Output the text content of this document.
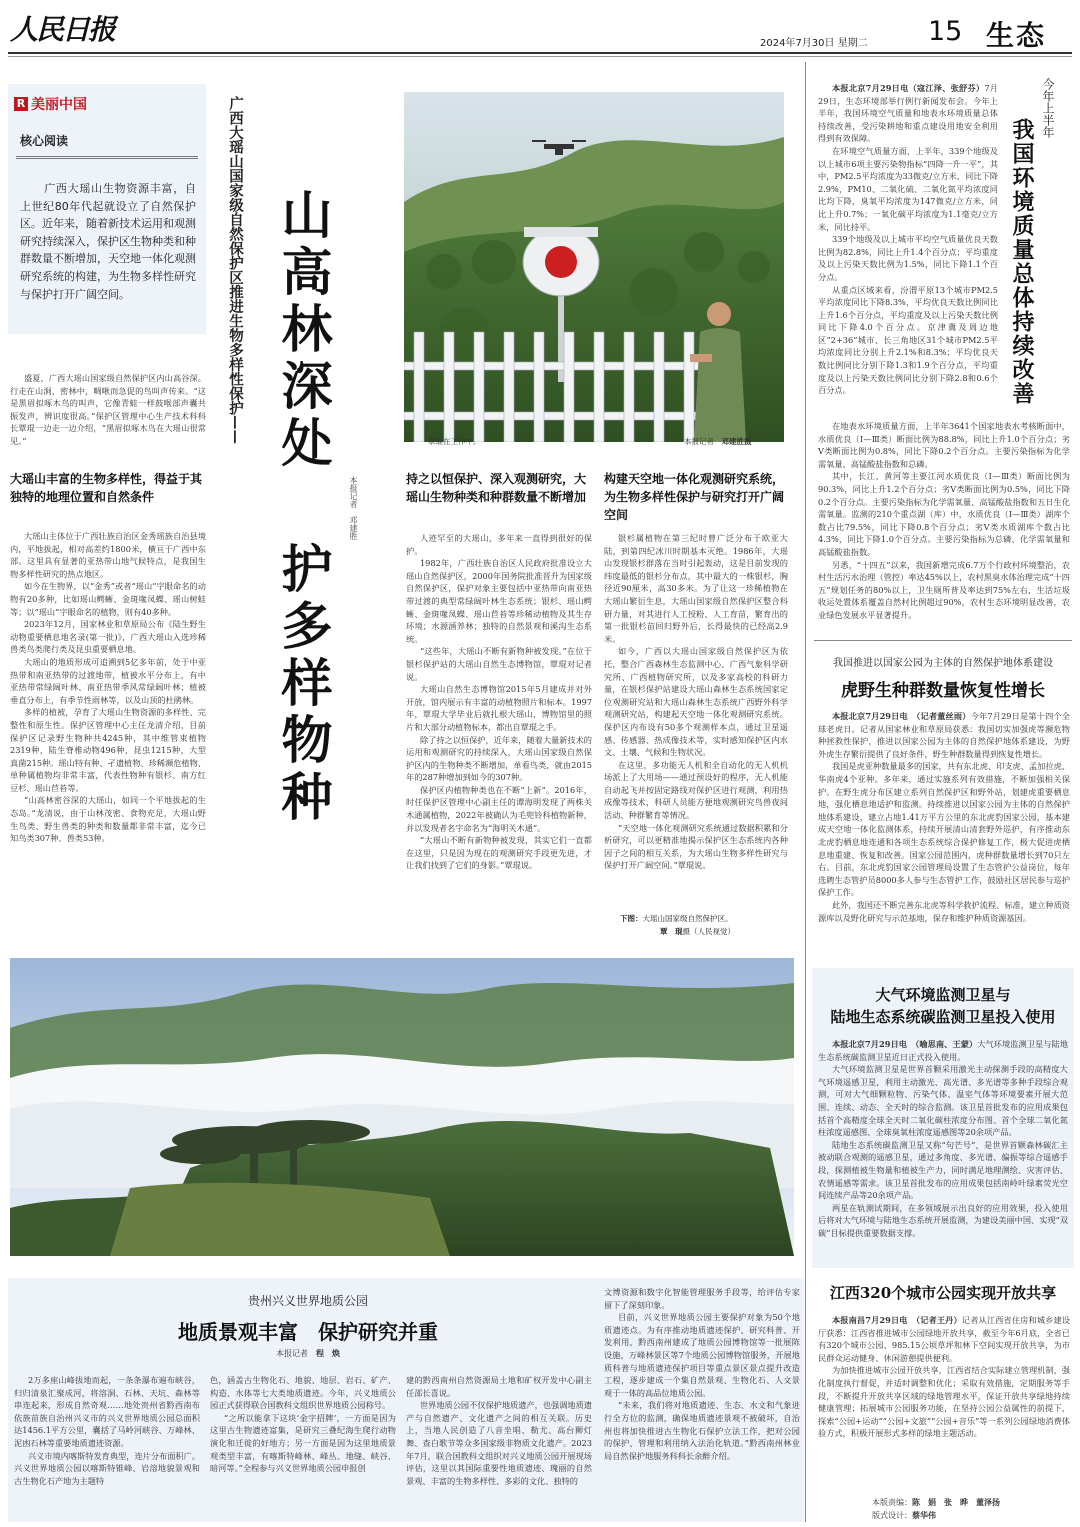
人民日报	2024年7月30日 星期二 15 生态
R 美丽中国
核心阅读
广西大瑶山生物资源丰富，自上世纪80年代起就设立了自然保护区。近年来，随着新技术运用和观测研究持续深入，保护区生物种类和种群数量不断增加，天空地一体化观测研究系统的构建，为生物多样性研究与保护打开广阔空间。

盛夏，广西大瑶山国家级自然保护区内山高谷深。行走在山涧、密林中，啁啾而急促的鸟叫声传来。“这是黑眉拟啄木鸟的叫声，它像青蛙一样鼓喉部声囊共振发声，辨识度很高。”保护区管理中心生产技术科科长覃琨一边走一边介绍，“黑眉拟啄木鸟在大瑶山很常见。”

大瑶山丰富的生物多样性，得益于其独特的地理位置和自然条件

大瑶山主体位于广西壮族自治区金秀瑶族自治县境内，平地拔起，相对高差约1800米，横亘于广西中东部。这里具有显著的亚热带山地气候特点，是我国生物多样性研究的热点地区。

如今在生物界，以“金秀”或者“瑶山”字眼命名的动物有20多种，比如瑶山鳄蜥、金斑喙凤蝶、瑶山树蛙等；以“瑶山”字眼命名的植物，则有40多种。

2023年12月，国家林业和草原局公布《陆生野生动物重要栖息地名录(第一批)》，广西大瑶山入选珍稀兽类鸟类爬行类及昆虫重要栖息地。

大瑶山的地质形成可追溯到5亿多年前，处于中亚热带和南亚热带的过渡地带，植被水平分布上，有中亚热带常绿阔叶林、南亚热带季风常绿阔叶林；植被垂直分布上，有季节性雨林等，以及山顶的杜鹃林。

多样的植被，孕育了大瑶山生物资源的多样性、完整性和原生性。保护区管理中心主任龙清介绍，目前保护区记录野生物种共4245种，其中维管束植物2319种，陆生脊椎动物496种，昆虫1215种，大型真菌215种。瑶山特有种、孑遗植物、珍稀濒危植物、单种属植物均非常丰富，代表性物种有银杉、南方红豆杉、瑶山苣苔等。

“山高林密谷深的大瑶山，如同一个平地拔起的生态岛。”龙清说，由于山林茂密、食物充足，大瑶山野生鸟类、野生兽类的种类和数量都非常丰富，迄今已知鸟类307种、兽类53种。

广西大瑶山国家级自然保护区推进生物多样性保护—— 山高林深处
护多样物种
本报记者　邓建胜
覃琨在工作中。	本报记者　 邓建胜摄
持之以恒保护、深入观测研究，大瑶山生物种类和种群数量不断增加

人迹罕至的大瑶山，多年来一直得到很好的保护。

1982年，广西壮族自治区人民政府批准设立大瑶山自然保护区，2000年国务院批准晋升为国家级自然保护区，保护对象主要包括中亚热带向南亚热带过渡的典型常绿阔叶林生态系统；银杉、瑶山鳄蜥、金斑喙凤蝶、瑶山苣苔等珍稀动植物及其生存环境；水源涵养林；独特的自然景观和溪沟生态系统。

“这些年，大瑶山不断有新物种被发现。”在位于银杉保护站的大瑶山自然生态博物馆，覃琨对记者说。

大瑶山自然生态博物馆2015年5月建成并对外开放，馆内展示有丰富的动植物照片和标本。1997年，覃琨大学毕业后就扎根大瑶山，博物馆里的照片和大部分动植物标本，都出自覃琨之手。

除了持之以恒保护，近年来，随着大量新技术的运用和观测研究的持续深入，大瑶山国家级自然保护区内的生物种类不断增加，单看鸟类，就由2015年的287种增加到如今的307种。

保护区内植物种类也在不断“上新”。2016年，时任保护区管理中心副主任的谭海明发现了两株关木通属植物，2022年被确认为毛兜铃科植物新种，并以发现者名字命名为“海明关木通”。

“大瑶山不断有新物种被发现，其实它们一直都在这里，只是因为现在的观测研究手段更先进，才让我们找到了它们的身影。”覃琨说。

构建天空地一体化观测研究系统，为生物多样性保护与研究打开广阔空间

银杉属植物在第三纪时曾广泛分布于欧亚大陆，到第四纪冰川时期基本灭绝。1986年，大瑶山发现银杉群落在当时引起轰动，这是目前发现的纬度最低的银杉分布点，其中最大的一株银杉，胸径近90厘米，高30多米。为了让这一珍稀植物在大瑶山繁衍生息，大瑶山国家级自然保护区整合科研力量，对其进行人工授粉、人工育苗，繁育出的第一批银杉苗回归野外后，长得最快的已经高2.9米。

如今，广西以大瑶山国家级自然保护区为依托，整合广西森林生态监测中心、广西气象科学研究所、广西植物研究所，以及多家高校的科研力量，在银杉保护站建设大瑶山森林生态系统国家定位观测研究站和大瑶山森林生态系统广西野外科学观测研究站，构建起天空地一体化观测研究系统。保护区内布设有50多个观测样本点，通过卫星遥感、传感器、热成像技术等，实时感知保护区内水文、土壤、气候和生物状况。

在这里，多功能无人机和全自动化的无人机机场派上了大用场——通过预设好的程序，无人机能自动起飞并按固定路线对保护区进行观测，利用热成像等技术，科研人员能方便地观测研究鸟兽夜间活动、种群繁育等情况。

“天空地一体化观测研究系统通过数据积累和分析研究，可以更精准地揭示保护区生态系统内各种因子之间的相互关系，为大瑶山生物多样性研究与保护打开广阔空间。”覃琨说。

下图：大瑶山国家级自然保护区。
覃　琨摄（人民视觉）
贵州兴义世界地质公园
地质景观丰富　保护研究并重
本报记者　 程　焕

2万多座山峰拔地而起，一条条瀑布遍布峡谷，归归清泉汇聚成河，将溶洞、石林、天坑、森林等串连起来，形成自然奇观……地处贵州省黔西南布依族苗族自治州兴义市的兴义世界地质公园总面积达1456.1平方公里，囊括了马岭河峡谷、万峰林、泥凼石林等重要地质遗迹资源。

兴义市境内喀斯特发育典型，连片分布面积广。兴义世界地质公园以喀斯特锥峰、岩溶地貌景观和古生物化石产地为主题特

色，涵盖古生物化石、地貌、地层、岩石、矿产、构造、水体等七大类地质遗迹。今年，兴义地质公园正式获得联合国教科文组织世界地质公园称号。

“之所以能拿下这块‘金字招牌’，一方面是因为这里古生物遗迹富集，是研究三叠纪海生爬行动物演化和迁徙的好地方；另一方面是因为这里地质景观类型丰富，有喀斯特峰林、峰丛、地缝、峡谷、暗河等。”全程参与兴义世界地质公园申报创

建的黔西南州自然资源局土地和矿权开发中心副主任邵长喜说。

世界地质公园不仅保护地质遗产，也强调地质遗产与自然遗产、文化遗产之间的相互关联。历史上，当地人民创造了八音坐唱、勒尤、高台狮灯舞、查白歌节等众多国家级非物质文化遗产。2023年7月，联合国教科文组织对兴义地质公园开展现场评估，这里以其国际重要性地质遗迹、瑰丽的自然景观、丰富的生物多样性、多彩的文化、独特的

文博资源和数字化智能管理服务手段等，给评估专家留下了深刻印象。

目前，兴义世界地质公园主要保护对象为50个地质遗迹点。为有序推动地质遗迹保护、研究科普、开发利用，黔西南州建成了地质公园博物馆等一批展陈设施，万峰林景区等7个地质公园博物馆服务，开展地质科普与地质遗迹保护项目等重点景区景点提升改造工程，逐步建成一个集自然景观、生物化石、人文景观于一体的高品位地质公园。

“未来，我们将对地质遗迹、生态、水文和气象进行全方位的监测，确保地质遗迹景观不被破坏，自治州也将加快推进古生物化石保护立法工作，把对公园的保护、管理和利用纳入法治化轨道。”黔西南州林业局自然保护地服务科科长余醉介绍。

今年上半年
我国环境质量总体持续改善

本报北京7月29日电（寇江泽、张舒芬）7月29日，生态环境部举行例行新闻发布会。今年上半年，我国环境空气质量和地表水环境质量总体持续改善，受污染耕地和重点建设用地安全利用得到有效保障。

在环境空气质量方面，上半年，339个地级及以上城市6项主要污染物指标“四降一升一平”，其中，PM2.5平均浓度为33微克/立方米，同比下降2.9%，PM10、二氧化硫、二氧化氮平均浓度同比均下降，臭氧平均浓度为147微克/立方米，同比上升0.7%；一氧化碳平均浓度为1.1毫克/立方米，同比持平。

339个地级及以上城市平均空气质量优良天数比例为82.8%，同比上升1.4个百分点；平均重度及以上污染天数比例为1.5%，同比下降1.1个百分点。

从重点区域来看，汾渭平原13个城市PM2.5平均浓度同比下降8.3%，平均优良天数比例同比上升1.6个百分点，平均重度及以上污染天数比例同比下降4.0个百分点。京津冀及周边地区“2+36”城市、长三角地区31个城市PM2.5平均浓度同比分别上升2.1%和8.3%；平均优良天数比例同比分别下降1.3和1.9个百分点，平均重度及以上污染天数比例同比分别下降2.8和0.6个百分点。

在地表水环境质量方面，上半年3641个国家地表水考核断面中，水质优良（Ⅰ—Ⅲ类）断面比例为88.8%，同比上升1.0个百分点；劣Ⅴ类断面比例为0.8%，同比下降0.2个百分点。主要污染指标为化学需氧量、高锰酸盐指数和总磷。

其中，长江、黄河等主要江河水质优良（Ⅰ—Ⅲ类）断面比例为90.3%，同比上升1.2个百分点；劣Ⅴ类断面比例为0.5%，同比下降0.2个百分点。主要污染指标为化学需氧量、高锰酸盐指数和五日生化需氧量。监测的210个重点湖（库）中，水质优良（Ⅰ—Ⅲ类）湖库个数占比79.5%，同比下降0.8个百分点；劣Ⅴ类水质湖库个数占比4.3%，同比下降1.0个百分点。主要污染指标为总磷、化学需氧量和高锰酸盐指数。

另悉，“十四五”以来，我国新增完成6.7万个行政村环境整治，农村生活污水治理（管控）率达45%以上，农村黑臭水体治理完成“十四五”规划任务的80%以上，卫生厕所普及率达到75%左右，生活垃圾收运处置体系覆盖自然村比例超过90%，农村生态环境明显改善，农业绿色发展水平显著提升。

我国推进以国家公园为主体的自然保护地体系建设
虎野生种群数量恢复性增长

本报北京7月29日电　 （记者董丝雨）今年7月29日是第十四个全球老虎日。记者从国家林业和草原局获悉：我国切实加强虎等濒危物种拯救性保护，推进以国家公园为主体的自然保护地体系建设，为野外虎生存繁衍提供了良好条件，野生种群数量得到恢复性增长。

我国是虎亚种数量最多的国家，共有东北虎、印支虎、孟加拉虎、华南虎4个亚种。多年来，通过实施系列有效措施，不断加强相关保护。在野生虎分布区建立系列自然保护区和野外站，划建虎重要栖息地，强化栖息地适护和监测。持续推进以国家公园为主体的自然保护地体系建设，建立占地1.41万平方公里的东北虎豹国家公园，基本建成天空地一体化监测体系，持续开展清山清套野外巡护，有序推动东北虎豹栖息地连通和各项生态系统综合保护修复工作，极大促进虎栖息地重建、恢复和改善。国家公园范围内，虎种群数量增长到70只左右。目前，东北虎豹国家公园管理局设置了生态管护公益岗位，每年选聘生态管护员8000多人参与生态管护工作，鼓励社区居民参与巡护保护工作。

此外，我国还不断完善东北虎等科学救护流程、标准，建立种质资源库以及野化研究与示范基地，保存和维护种质资源基因。

大气环境监测卫星与
陆地生态系统碳监测卫星投入使用

本报北京7月29日电　 （喻思南、王蒙）大气环境监测卫星与陆地生态系统碳监测卫星近日正式投入使用。

大气环境监测卫星是世界首颗采用激光主动探测手段的高精度大气环境遥感卫星，利用主动激光、高光谱、多光谱等多种手段综合观测，可对大气细颗粒物、污染气体、温室气体等环境要素开展大范围、连续、动态、全天时的综合监测。该卫星首批发布的应用成果包括首个高精度全球全天时二氧化碳柱浓度分布图、首个全球二氧化氮柱浓度遥感图、全球臭氧柱浓度遥感图等20余项产品。

陆地生态系统碳监测卫星又称“句芒号”，是世界首颗森林碳汇主被动联合观测的遥感卫星，通过多角度、多光谱、偏振等综合遥感手段，探测植被生物量和植被生产力，同时满足地理测绘、灾害评估、农情遥感等需求。该卫星首批发布的应用成果包括南岭叶绿素荧光空间连续产品等20余项产品。

两星在轨测试期间，在多领域展示出良好的应用效果，投入使用后将对大气环境与陆地生态系统开展监测，为建设美丽中国、实现“双碳”目标提供重要数据支撑。

江西320个城市公园实现开放共享

本报南昌7月29日电　 （记者王丹）记者从江西省住房和城乡建设厅获悉：江西省推进城市公园绿地开放共享，截至今年6月底，全省已有320个城市公园、985.15公顷草坪和林下空间实现开放共享，为市民群众运动健身、休闲游憩提供便利。

为加快推进城市公园开放共享，江西省结合实际建立管理机制，强化制度执行督促，并适时调整和优化；采取有效措施，定期服务等手段，不断提升开放共享区域的绿地管理水平，保证开放共享绿地持续健康管理；拓展城市公园服务功能，在坚持公园公益属性的前提下，探索“公园+运动”“公园+文旅”“公园+音乐”等一系列公园绿地消费体验方式，积极开展形式多样的绿地主题活动。

本版责编：陈　娟　张　晔　董泽扬
版式设计：蔡华伟
